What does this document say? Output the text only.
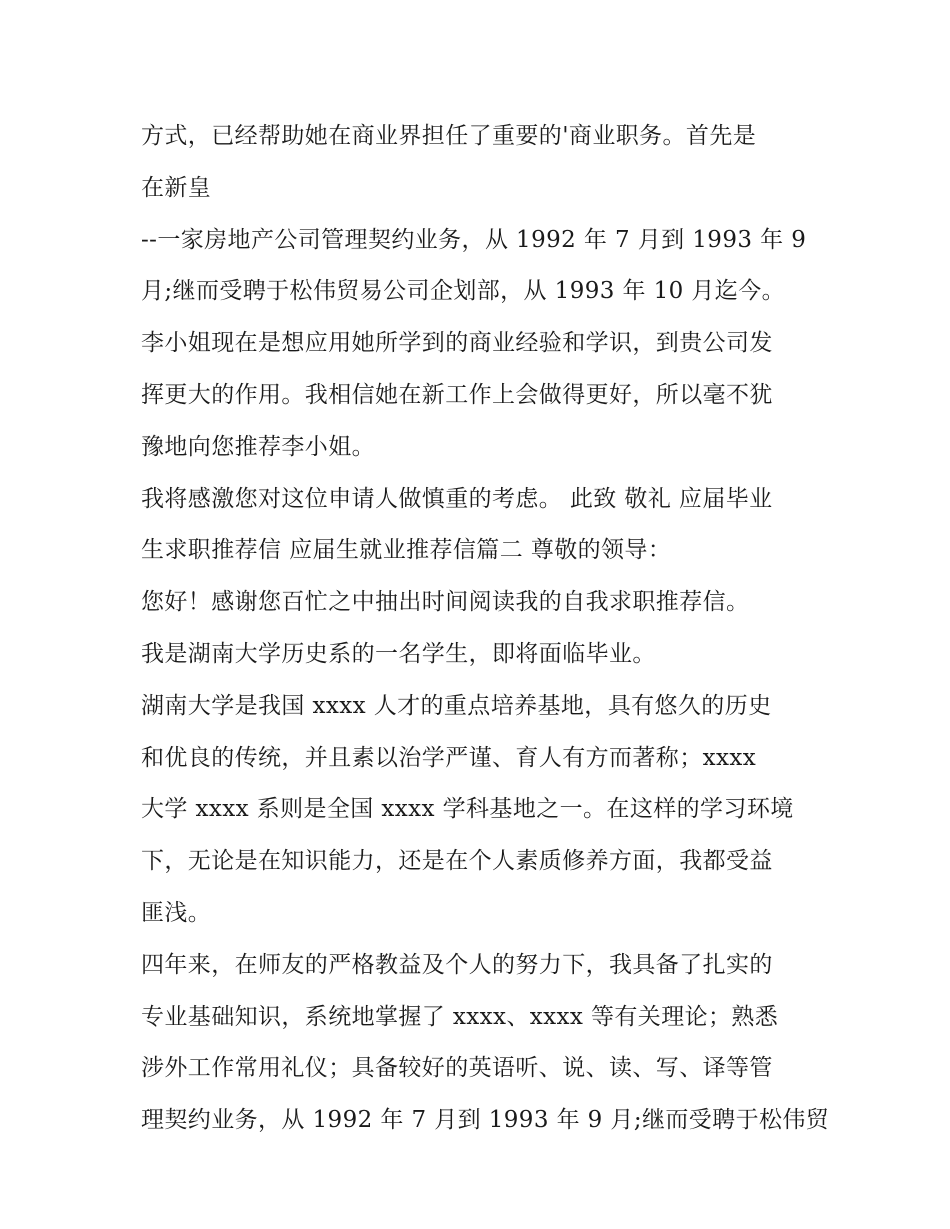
方式，已经帮助她在商业界担任了重要的'商业职务。首先是
在新皇
--一家房地产公司管理契约业务，从 1992 年 7 月到 1993 年 9
月;继而受聘于松伟贸易公司企划部，从 1993 年 10 月迄今。
李小姐现在是想应用她所学到的商业经验和学识，到贵公司发
挥更大的作用。我相信她在新工作上会做得更好，所以毫不犹
豫地向您推荐李小姐。
我将感激您对这位申请人做慎重的考虑。 此致 敬礼 应届毕业
生求职推荐信 应届生就业推荐信篇二 尊敬的领导：
您好！感谢您百忙之中抽出时间阅读我的自我求职推荐信。
我是湖南大学历史系的一名学生，即将面临毕业。
湖南大学是我国 xxxx 人才的重点培养基地，具有悠久的历史
和优良的传统，并且素以治学严谨、育人有方而著称；xxxx
大学 xxxx 系则是全国 xxxx 学科基地之一。在这样的学习环境
下，无论是在知识能力，还是在个人素质修养方面，我都受益
匪浅。
四年来，在师友的严格教益及个人的努力下，我具备了扎实的
专业基础知识，系统地掌握了 xxxx、xxxx 等有关理论；熟悉
涉外工作常用礼仪；具备较好的英语听、说、读、写、译等管
理契约业务，从 1992 年 7 月到 1993 年 9 月;继而受聘于松伟贸
